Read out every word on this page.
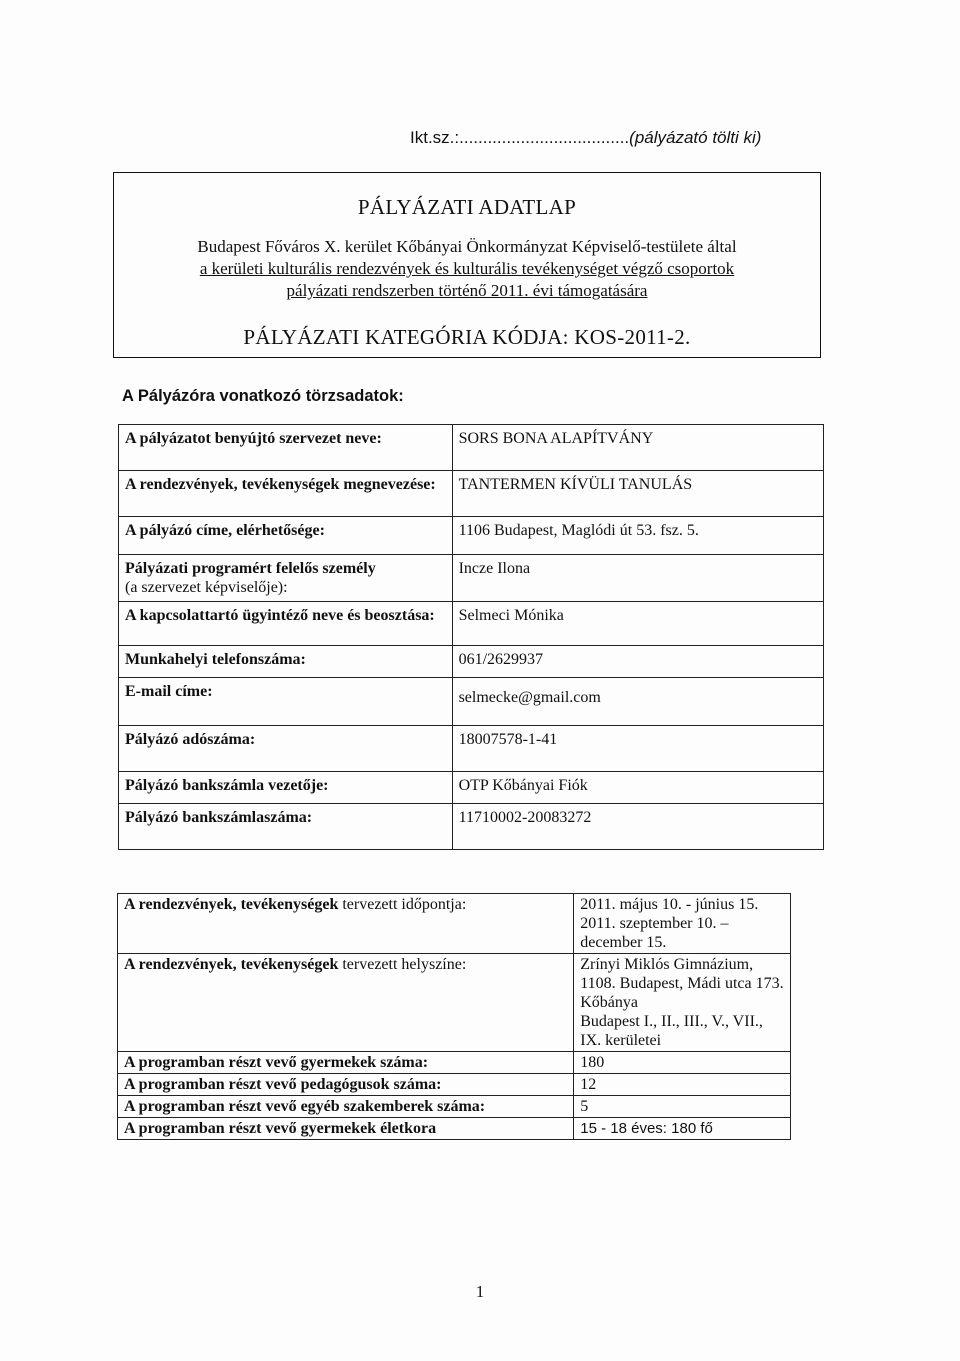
Ikt.sz.:....................................(pályázató tölti ki)
PÁLYÁZATI ADATLAP
Budapest Főváros X. kerület Kőbányai Önkormányzat Képviselő-testülete által
a kerületi kulturális rendezvények és kulturális tevékenységet végző csoportok
pályázati rendszerben történő 2011. évi támogatására
PÁLYÁZATI KATEGÓRIA KÓDJA: KOS-2011-2.
A Pályázóra vonatkozó törzsadatok:
A pályázatot benyújtó szervezet neve:	SORS BONA ALAPÍTVÁNY
A rendezvények, tevékenységek megnevezése:	TANTERMEN KÍVÜLI TANULÁS
A pályázó címe, elérhetősége:	1106 Budapest, Maglódi út 53. fsz. 5.
Pályázati programért felelős személy
(a szervezet képviselője):	Incze Ilona
A kapcsolattartó ügyintéző neve és beosztása:	Selmeci Mónika
Munkahelyi telefonszáma:	061/2629937
E-mail címe:	selmecke@gmail.com
Pályázó adószáma:	18007578-1-41
Pályázó bankszámla vezetője:	OTP Kőbányai Fiók
Pályázó bankszámlaszáma:	11710002-20083272
A rendezvények, tevékenységek tervezett időpontja:	2011. május 10. - június 15.
2011. szeptember 10. – december 15.

A rendezvények, tevékenységek tervezett helyszíne:	Zrínyi Miklós Gimnázium, 1108. Budapest, Mádi utca 173.
Kőbánya
Budapest I., II., III., V., VII., IX. kerületei

A programban részt vevő gyermekek száma:	180
A programban részt vevő pedagógusok száma:	12
A programban részt vevő egyéb szakemberek száma:	5
A programban részt vevő gyermekek életkora	15 - 18 éves: 180 fő
1
